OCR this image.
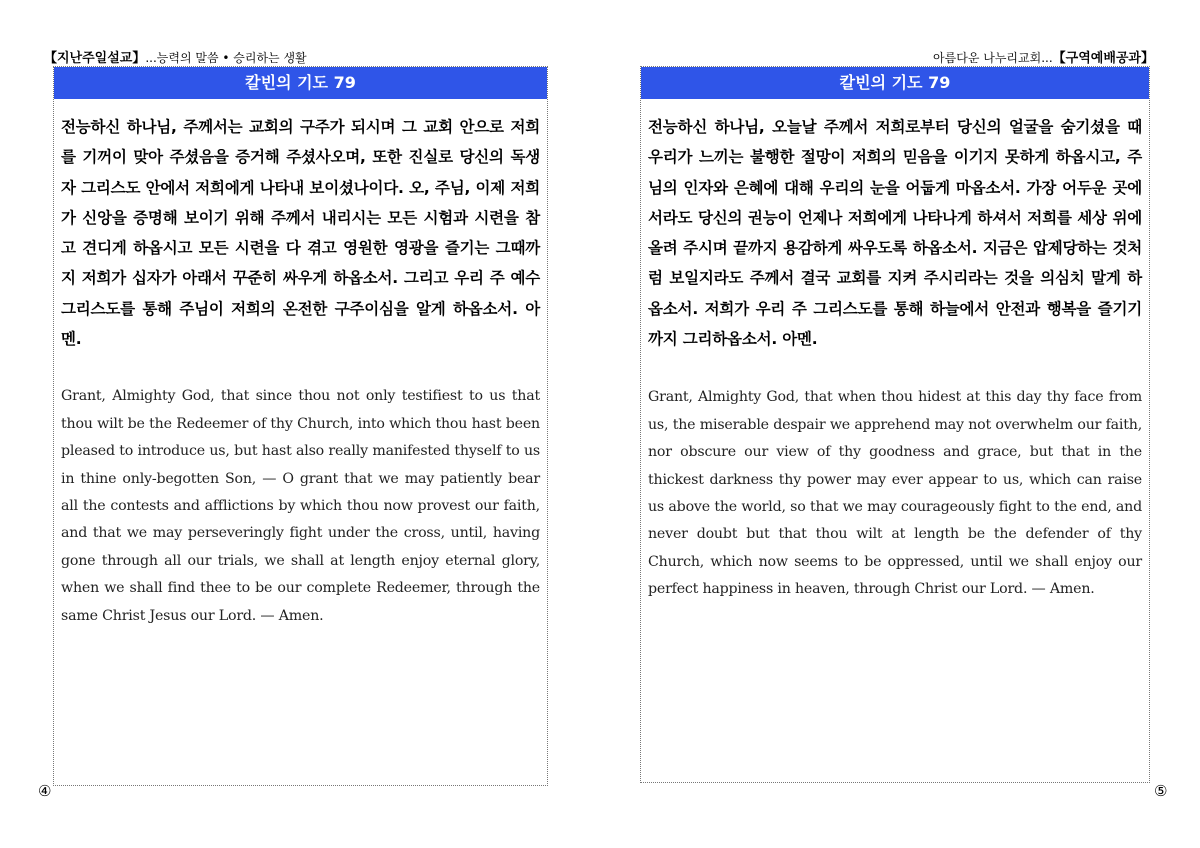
【지난주일설교】...능력의 말씀 • 승리하는 생활	아름다운 나누리교회...【구역예배공과】
칼빈의 기도 79
전능하신 하나님, 주께서는 교회의 구주가 되시며 그 교회 안으로 저희를 기꺼이 맞아 주셨음을 증거해 주셨사오며, 또한 진실로 당신의 독생자 그리스도 안에서 저희에게 나타내 보이셨나이다. 오, 주님, 이제 저희가 신앙을 증명해 보이기 위해 주께서 내리시는 모든 시험과 시련을 참고 견디게 하옵시고 모든 시련을 다 겪고 영원한 영광을 즐기는 그때까지 저희가 십자가 아래서 꾸준히 싸우게 하옵소서. 그리고 우리 주 예수 그리스도를 통해 주님이 저희의 온전한 구주이심을 알게 하옵소서. 아멘.
Grant, Almighty God, that since thou not only testifiest to us that thou wilt be the Redeemer of thy Church, into which thou hast been pleased to introduce us, but hast also really manifested thyself to us in thine only-begotten Son, — O grant that we may patiently bear all the contests and afflictions by which thou now provest our faith, and that we may perseveringly fight under the cross, until, having gone through all our trials, we shall at length enjoy eternal glory, when we shall find thee to be our complete Redeemer, through the same Christ Jesus our Lord. — Amen.
칼빈의 기도 79
전능하신 하나님, 오늘날 주께서 저희로부터 당신의 얼굴을 숨기셨을 때 우리가 느끼는 불행한 절망이 저희의 믿음을 이기지 못하게 하옵시고, 주님의 인자와 은혜에 대해 우리의 눈을 어둡게 마옵소서. 가장 어두운 곳에서라도 당신의 권능이 언제나 저희에게 나타나게 하셔서 저희를 세상 위에 올려 주시며 끝까지 용감하게 싸우도록 하옵소서. 지금은 압제당하는 것처럼 보일지라도 주께서 결국 교회를 지켜 주시리라는 것을 의심치 말게 하옵소서. 저희가 우리 주 그리스도를 통해 하늘에서 안전과 행복을 즐기기까지 그리하옵소서. 아멘.
Grant, Almighty God, that when thou hidest at this day thy face from us, the miserable despair we apprehend may not overwhelm our faith, nor obscure our view of thy goodness and grace, but that in the thickest darkness thy power may ever appear to us, which can raise us above the world, so that we may courageously fight to the end, and never doubt but that thou wilt at length be the defender of thy Church, which now seems to be oppressed, until we shall enjoy our perfect happiness in heaven, through Christ our Lord. — Amen.
④	⑤
